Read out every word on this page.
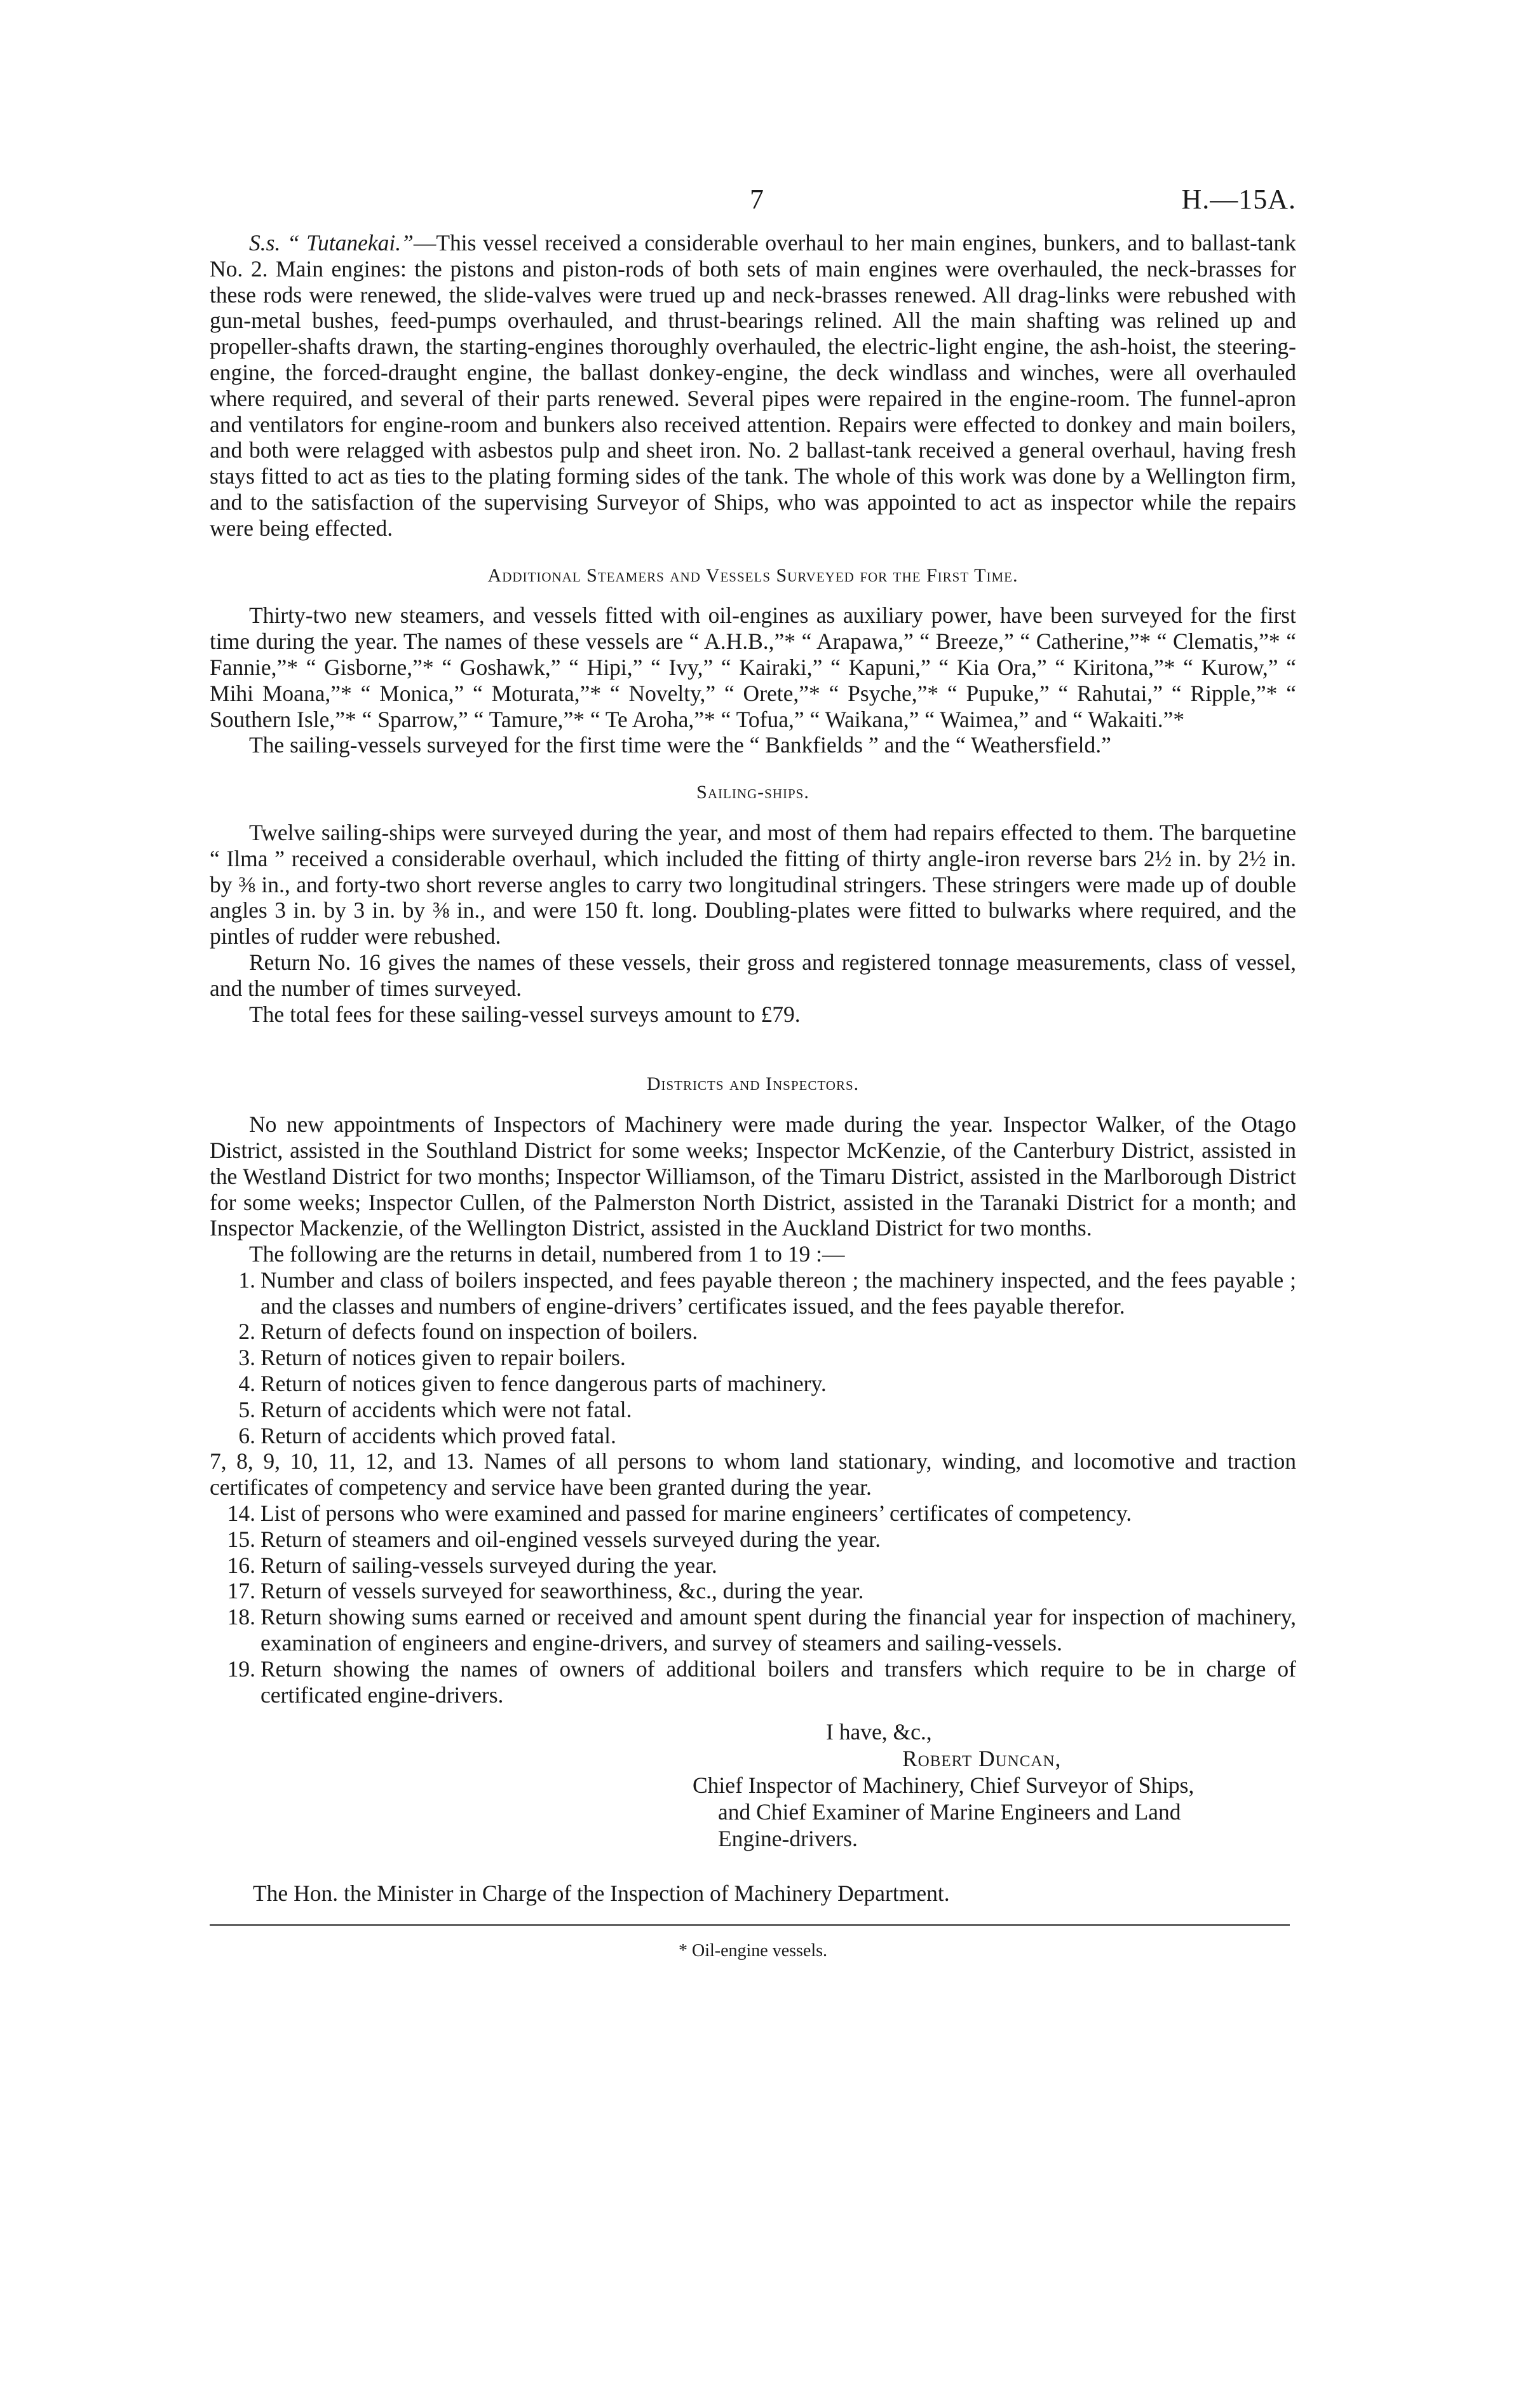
7	H.—15A.

S.s. “ Tutanekai.”—This vessel received a considerable overhaul to her main engines, bunkers, and to ballast-tank No. 2. Main engines: the pistons and piston-rods of both sets of main engines were overhauled, the neck-brasses for these rods were renewed, the slide-valves were trued up and neck-brasses renewed. All drag-links were rebushed with gun-metal bushes, feed-pumps overhauled, and thrust-bearings relined. All the main shafting was relined up and propeller-shafts drawn, the starting-engines thoroughly overhauled, the electric-light engine, the ash-hoist, the steering-engine, the forced-draught engine, the ballast donkey-engine, the deck windlass and winches, were all overhauled where required, and several of their parts renewed. Several pipes were repaired in the engine-room. The funnel-apron and ventilators for engine-room and bunkers also received attention. Repairs were effected to donkey and main boilers, and both were relagged with asbestos pulp and sheet iron. No. 2 ballast-tank received a general overhaul, having fresh stays fitted to act as ties to the plating forming sides of the tank. The whole of this work was done by a Wellington firm, and to the satisfaction of the supervising Surveyor of Ships, who was appointed to act as inspector while the repairs were being effected.

Additional Steamers and Vessels Surveyed for the First Time.

Thirty-two new steamers, and vessels fitted with oil-engines as auxiliary power, have been surveyed for the first time during the year. The names of these vessels are “ A.H.B.,”* “ Arapawa,” “ Breeze,” “ Catherine,”* “ Clematis,”* “ Fannie,”* “ Gisborne,”* “ Goshawk,” “ Hipi,” “ Ivy,” “ Kairaki,” “ Kapuni,” “ Kia Ora,” “ Kiritona,”* “ Kurow,” “ Mihi Moana,”* “ Monica,” “ Moturata,”* “ Novelty,” “ Orete,”* “ Psyche,”* “ Pupuke,” “ Rahutai,” “ Ripple,”* “ Southern Isle,”* “ Sparrow,” “ Tamure,”* “ Te Aroha,”* “ Tofua,” “ Waikana,” “ Waimea,” and “ Wakaiti.”*

The sailing-vessels surveyed for the first time were the “ Bankfields ” and the “ Weathersfield.”

Sailing-ships.

Twelve sailing-ships were surveyed during the year, and most of them had repairs effected to them. The barquetine “ Ilma ” received a considerable overhaul, which included the fitting of thirty angle-iron reverse bars 2½ in. by 2½ in. by ⅜ in., and forty-two short reverse angles to carry two longitudinal stringers. These stringers were made up of double angles 3 in. by 3 in. by ⅜ in., and were 150 ft. long. Doubling-plates were fitted to bulwarks where required, and the pintles of rudder were rebushed.

Return No. 16 gives the names of these vessels, their gross and registered tonnage measurements, class of vessel, and the number of times surveyed.

The total fees for these sailing-vessel surveys amount to £79.

Districts and Inspectors.

No new appointments of Inspectors of Machinery were made during the year. Inspector Walker, of the Otago District, assisted in the Southland District for some weeks; Inspector McKenzie, of the Canterbury District, assisted in the Westland District for two months; Inspector Williamson, of the Timaru District, assisted in the Marlborough District for some weeks; Inspector Cullen, of the Palmerston North District, assisted in the Taranaki District for a month; and Inspector Mackenzie, of the Wellington District, assisted in the Auckland District for two months.

The following are the returns in detail, numbered from 1 to 19 :—

1. Number and class of boilers inspected, and fees payable thereon ; the machinery inspected, and the fees payable ; and the classes and numbers of engine-drivers’ certificates issued, and the fees payable therefor.
2. Return of defects found on inspection of boilers.
3. Return of notices given to repair boilers.
4. Return of notices given to fence dangerous parts of machinery.
5. Return of accidents which were not fatal.
6. Return of accidents which proved fatal.
7, 8, 9, 10, 11, 12, and 13. Names of all persons to whom land stationary, winding, and locomotive and traction certificates of competency and service have been granted during the year.
14. List of persons who were examined and passed for marine engineers’ certificates of competency.
15. Return of steamers and oil-engined vessels surveyed during the year.
16. Return of sailing-vessels surveyed during the year.
17. Return of vessels surveyed for seaworthiness, &c., during the year.
18. Return showing sums earned or received and amount spent during the financial year for inspection of machinery, examination of engineers and engine-drivers, and survey of steamers and sailing-vessels.
19. Return showing the names of owners of additional boilers and transfers which require to be in charge of certificated engine-drivers.
I have, &c.,
Robert Duncan,
Chief Inspector of Machinery, Chief Surveyor of Ships,
and Chief Examiner of Marine Engineers and Land
Engine-drivers.
The Hon. the Minister in Charge of the Inspection of Machinery Department.
* Oil-engine vessels.
